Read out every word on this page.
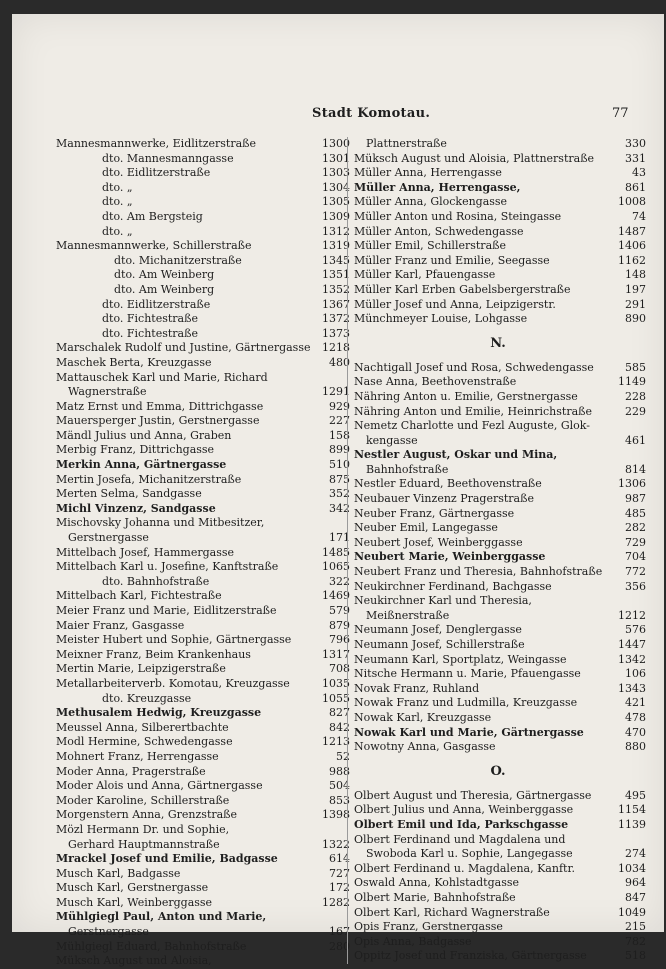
Stadt Komotau.	77
Mannesmannwerke, Eidlitzerstraße	1300
dto. Mannesmanngasse	1301
dto. Eidlitzerstraße	1303
dto. „	1304
dto. „	1305
dto. Am Bergsteig	1309
dto. „	1312
Mannesmannwerke, Schillerstraße	1319
dto. Michanitzerstraße	1345
dto. Am Weinberg	1351
dto. Am Weinberg	1352
dto. Eidlitzerstraße	1367
dto. Fichtestraße	1372
dto. Fichtestraße	1373
Marschalek Rudolf und Justine, Gärtnergasse	1218
Maschek Berta, Kreuzgasse	480
Mattauschek Karl und Marie, Richard
Wagnerstraße	1291
Matz Ernst und Emma, Dittrichgasse	929
Mauersperger Justin, Gerstnergasse	227
Mändl Julius und Anna, Graben	158
Merbig Franz, Dittrichgasse	899
Merkin Anna, Gärtnergasse	510
Mertin Josefa, Michanitzerstraße	875
Merten Selma, Sandgasse	352
Michl Vinzenz, Sandgasse	342
Mischovsky Johanna und Mitbesitzer,
Gerstnergasse	171
Mittelbach Josef, Hammergasse	1485
Mittelbach Karl u. Josefine, Kanftstraße	1065
dto. Bahnhofstraße	322
Mittelbach Karl, Fichtestraße	1469
Meier Franz und Marie, Eidlitzerstraße	579
Maier Franz, Gasgasse	879
Meister Hubert und Sophie, Gärtnergasse	796
Meixner Franz, Beim Krankenhaus	1317
Mertin Marie, Leipzigerstraße	708
Metallarbeiterverb. Komotau, Kreuzgasse	1035
dto. Kreuzgasse	1055
Methusalem Hedwig, Kreuzgasse	827
Meussel Anna, Silberertbachte	842
Modl Hermine, Schwedengasse	1213
Mohnert Franz, Herrengasse	52
Moder Anna, Pragerstraße	988
Moder Alois und Anna, Gärtnergasse	504
Moder Karoline, Schillerstraße	853
Morgenstern Anna, Grenzstraße	1398
Mözl Hermann Dr. und Sophie,
Gerhard Hauptmannstraße	1322
Mrackel Josef und Emilie, Badgasse	614
Musch Karl, Badgasse	727
Musch Karl, Gerstnergasse	172
Musch Karl, Weinberggasse	1282
Mühlgiegl Paul, Anton und Marie,
Gerstnergasse	167
Mühlgiegl Eduard, Bahnhofstraße	280
Müksch August und Aloisia,
Plattnerstraße	330
Müksch August und Aloisia, Plattnerstraße	331
Müller Anna, Herrengasse	43
Müller Anna, Herrengasse,	861
Müller Anna, Glockengasse	1008
Müller Anton und Rosina, Steingasse	74
Müller Anton, Schwedengasse	1487
Müller Emil, Schillerstraße	1406
Müller Franz und Emilie, Seegasse	1162
Müller Karl, Pfauengasse	148
Müller Karl Erben Gabelsbergerstraße	197
Müller Josef und Anna, Leipzigerstr.	291
Münchmeyer Louise, Lohgasse	890
N.
Nachtigall Josef und Rosa, Schwedengasse	585
Nase Anna, Beethovenstraße	1149
Nähring Anton u. Emilie, Gerstnergasse	228
Nähring Anton und Emilie, Heinrichstraße	229
Nemetz Charlotte und Fezl Auguste, Glok-
kengasse	461
Nestler August, Oskar und Mina,
Bahnhofstraße	814
Nestler Eduard, Beethovenstraße	1306
Neubauer Vinzenz Pragerstraße	987
Neuber Franz, Gärtnergasse	485
Neuber Emil, Langegasse	282
Neubert Josef, Weinberggasse	729
Neubert Marie, Weinberggasse	704
Neubert Franz und Theresia, Bahnhofstraße	772
Neukirchner Ferdinand, Bachgasse	356
Neukirchner Karl und Theresia,
Meißnerstraße	1212
Neumann Josef, Denglergasse	576
Neumann Josef, Schillerstraße	1447
Neumann Karl, Sportplatz, Weingasse	1342
Nitsche Hermann u. Marie, Pfauengasse	106
Novak Franz, Ruhland	1343
Nowak Franz und Ludmilla, Kreuzgasse	421
Nowak Karl, Kreuzgasse	478
Nowak Karl und Marie, Gärtnergasse	470
Nowotny Anna, Gasgasse	880
O.
Olbert August und Theresia, Gärtnergasse	495
Olbert Julius und Anna, Weinberggasse	1154
Olbert Emil und Ida, Parkschgasse	1139
Olbert Ferdinand und Magdalena und
Swoboda Karl u. Sophie, Langegasse	274
Olbert Ferdinand u. Magdalena, Kanftr.	1034
Oswald Anna, Kohlstadtgasse	964
Olbert Marie, Bahnhofstraße	847
Olbert Karl, Richard Wagnerstraße	1049
Opis Franz, Gerstnergasse	215
Opis Anna, Badgasse	782
Oppitz Josef und Franziska, Gärtnergasse	518
